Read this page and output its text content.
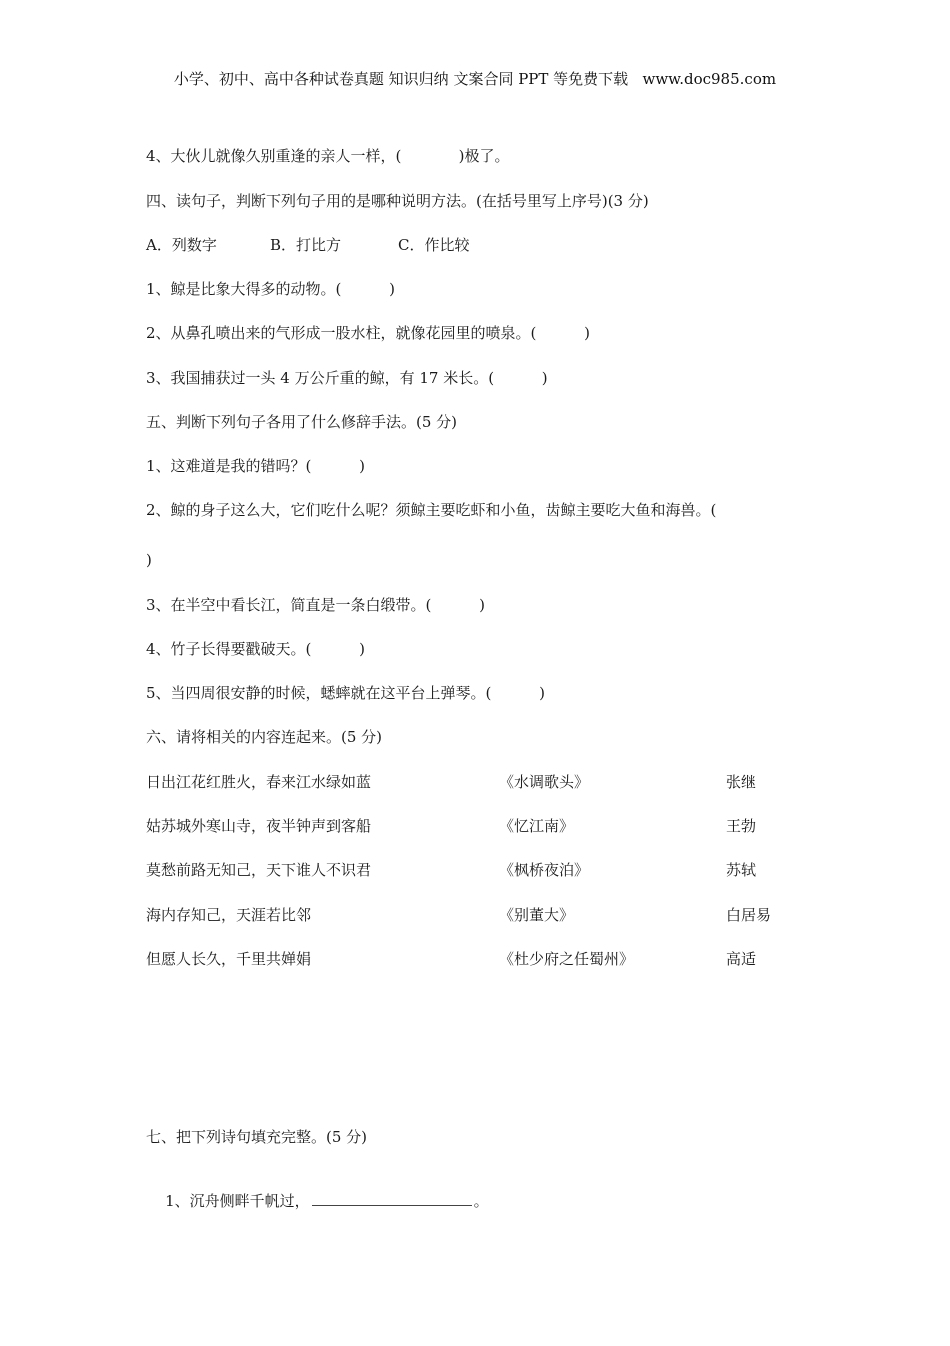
小学、初中、高中各种试卷真题 知识归纳 文案合同 PPT 等免费下载   www.doc985.com
4、大伙儿就像久别重逢的亲人一样，(            )极了。
四、读句子，判断下列句子用的是哪种说明方法。(在括号里写上序号)(3 分)
A．列数字	B．打比方	C．作比较
1、鲸是比象大得多的动物。(          )
2、从鼻孔喷出来的气形成一股水柱，就像花园里的喷泉。(          )
3、我国捕获过一头 4 万公斤重的鲸，有 17 米长。(          )
五、判断下列句子各用了什么修辞手法。(5 分)
1、这难道是我的错吗？(          )
2、鲸的身子这么大，它们吃什么呢？须鲸主要吃虾和小鱼，齿鲸主要吃大鱼和海兽。(
)
3、在半空中看长江，简直是一条白缎带。(          )
4、竹子长得要戳破天。(          )
5、当四周很安静的时候，蟋蟀就在这平台上弹琴。(          )
六、请将相关的内容连起来。(5 分)
日出江花红胜火，春来江水绿如蓝	《水调歌头》	张继
姑苏城外寒山寺，夜半钟声到客船	《忆江南》	王勃
莫愁前路无知己，天下谁人不识君	《枫桥夜泊》	苏轼
海内存知己，天涯若比邻	《别董大》	白居易
但愿人长久，千里共婵娟	《杜少府之任蜀州》	高适
七、把下列诗句填充完整。(5 分)

1、沉舟侧畔千帆过，	。
